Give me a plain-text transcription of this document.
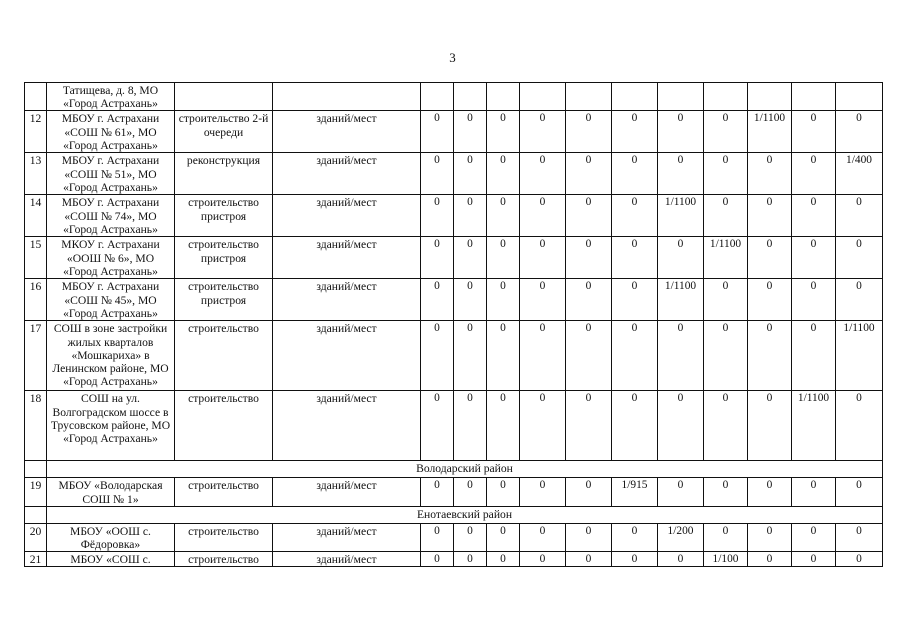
3
	Татищева, д. 8, МО «Город Астрахань»													
12	МБОУ г. Астрахани «СОШ № 61», МО «Город Астрахань»	строительство 2-й очереди	зданий/мест	0	0	0	0	0	0	0	0	1/1100	0	0
13	МБОУ г. Астрахани «СОШ № 51», МО «Город Астрахань»	реконструкция	зданий/мест	0	0	0	0	0	0	0	0	0	0	1/400
14	МБОУ г. Астрахани «СОШ № 74», МО «Город Астрахань»	строительство пристроя	зданий/мест	0	0	0	0	0	0	1/1100	0	0	0	0
15	МКОУ г. Астрахани «ООШ № 6», МО «Город Астрахань»	строительство пристроя	зданий/мест	0	0	0	0	0	0	0	1/1100	0	0	0
16	МБОУ г. Астрахани «СОШ № 45», МО «Город Астрахань»	строительство пристроя	зданий/мест	0	0	0	0	0	0	1/1100	0	0	0	0
17	СОШ в зоне застройки жилых кварталов «Мошкариха» в Ленинском районе, МО «Город Астрахань»	строительство	зданий/мест	0	0	0	0	0	0	0	0	0	0	1/1100
18	СОШ на ул. Волгоградском шоссе в Трусовском районе, МО «Город Астрахань»	строительство	зданий/мест	0	0	0	0	0	0	0	0	0	1/1100	0
	Володарский район													
19	МБОУ «Володарская СОШ № 1»	строительство	зданий/мест	0	0	0	0	0	1/915	0	0	0	0	0
	Енотаевский район													
20	МБОУ «ООШ с. Фёдоровка»	строительство	зданий/мест	0	0	0	0	0	0	1/200	0	0	0	0
21	МБОУ «СОШ с.	строительство	зданий/мест	0	0	0	0	0	0	0	1/100	0	0	0
